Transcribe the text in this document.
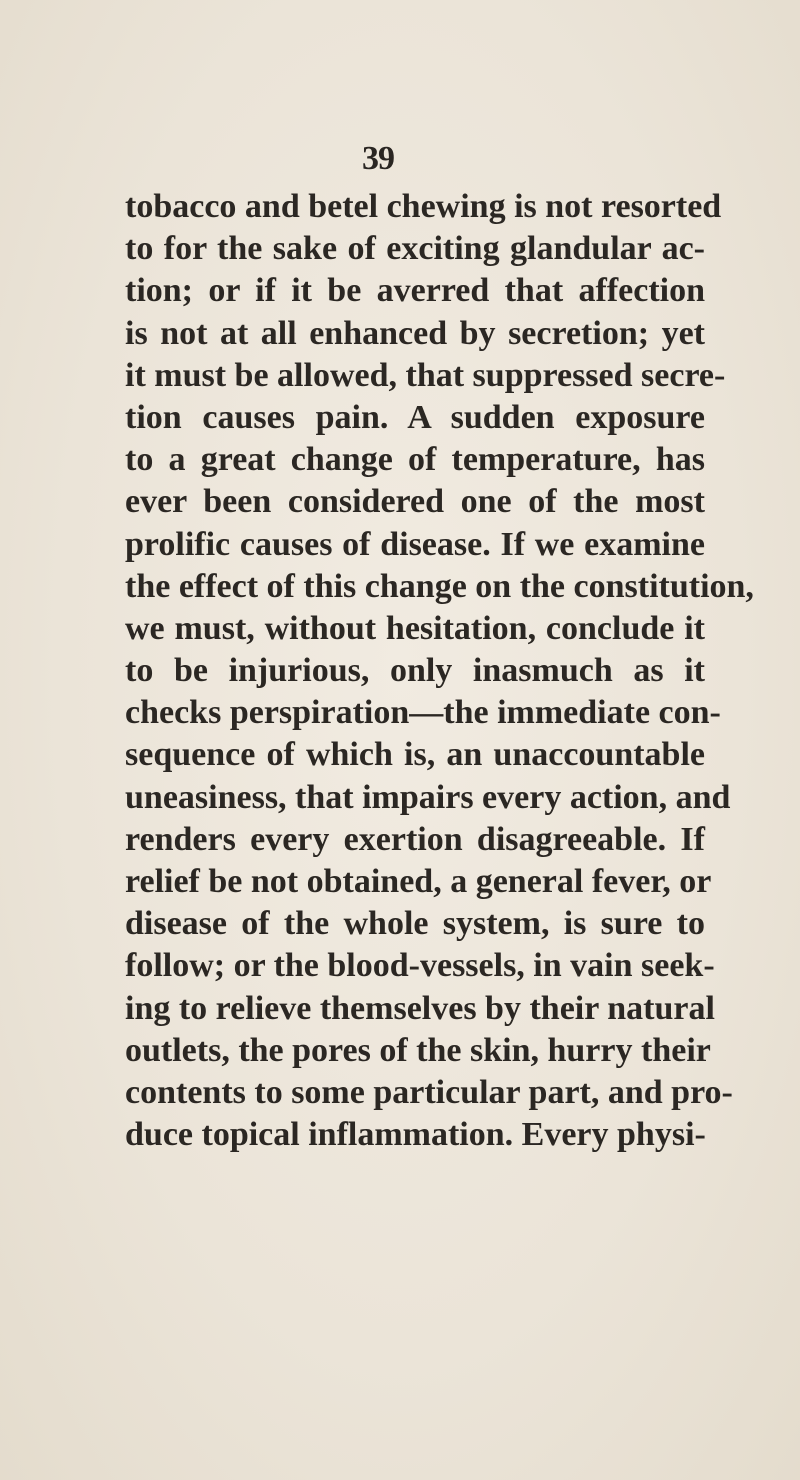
39
tobacco and betel chewing is not resorted
to for the sake of exciting glandular ac-
tion; or if it be averred that affection
is not at all enhanced by secretion; yet
it must be allowed, that suppressed secre-
tion causes pain. A sudden exposure
to a great change of temperature, has
ever been considered one of the most
prolific causes of disease. If we examine
the effect of this change on the constitution,
we must, without hesitation, conclude it
to be injurious, only inasmuch as it
checks perspiration—the immediate con-
sequence of which is, an unaccountable
uneasiness, that impairs every action, and
renders every exertion disagreeable. If
relief be not obtained, a general fever, or
disease of the whole system, is sure to
follow; or the blood-vessels, in vain seek-
ing to relieve themselves by their natural
outlets, the pores of the skin, hurry their
contents to some particular part, and pro-
duce topical inflammation. Every physi-
